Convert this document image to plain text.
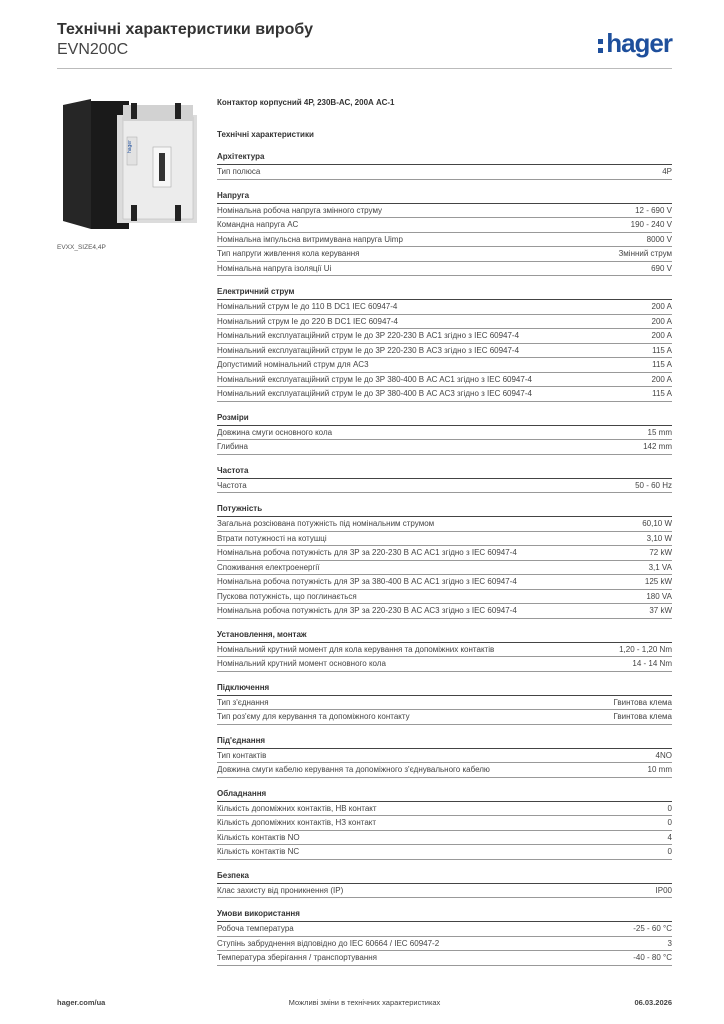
Технічні характеристики виробу

EVN200C	hager
hager
EVXX_SIZE4,4P

Контактор корпусний 4P, 230В-АС, 200А АС-1

Технічні характеристики

Архітектура
Тип полюса	4P
Напруга
Номінальна робоча напруга змінного струму	12 - 690 V
Командна напруга AC	190 - 240 V
Номінальна імпульсна витримувана напруга Uimp	8000 V
Тип напруги живлення кола керування	Змінний струм
Номінальна напруга ізоляції Ui	690 V
Електричний струм
Номінальний струм Ie до 110 В DC1 IEC 60947-4	200 A
Номінальний струм Ie до 220 В DC1 IEC 60947-4	200 A
Номінальний експлуатаційний струм Ie до 3P 220-230 В AC1 згідно з IEC 60947-4	200 A
Номінальний експлуатаційний струм Ie до 3P 220-230 В AC3 згідно з IEC 60947-4	115 A
Допустимий номінальний струм для AC3	115 A
Номінальний експлуатаційний струм Ie до 3P 380-400 В AC AC1 згідно з IEC 60947-4	200 A
Номінальний експлуатаційний струм Ie до 3P 380-400 В AC AC3 згідно з IEC 60947-4	115 A
Розміри
Довжина смуги основного кола	15 mm
Глибина	142 mm
Частота
Частота	50 - 60 Hz
Потужність
Загальна розсіювана потужність під номінальним струмом	60,10 W
Втрати потужності на котушці	3,10 W
Номінальна робоча потужність для 3P за 220-230 В AC AC1 згідно з IEC 60947-4	72 kW
Споживання електроенергії	3,1 VA
Номінальна робоча потужність для 3P за 380-400 В AC AC1 згідно з IEC 60947-4	125 kW
Пускова потужність, що поглинається	180 VA
Номінальна робоча потужність для 3P за 220-230 В AC AC3 згідно з IEC 60947-4	37 kW
Установлення, монтаж
Номінальний крутний момент для кола керування та допоміжних контактів	1,20 - 1,20 Nm
Номінальний крутний момент основного кола	14 - 14 Nm
Підключення
Тип з'єднання	Гвинтова клема
Тип роз'єму для керування та допоміжного контакту	Гвинтова клема
Під'єднання
Тип контактів	4NO
Довжина смуги кабелю керування та допоміжного з'єднувального кабелю	10 mm
Обладнання
Кількість допоміжних контактів, НВ контакт	0
Кількість допоміжних контактів, НЗ контакт	0
Кількість контактів NO	4
Кількість контактів NC	0
Безпека
Клас захисту від проникнення (IP)	IP00
Умови використання
Робоча температура	-25 - 60 °C
Ступінь забруднення відповідно до IEC 60664 / IEC 60947-2	3
Температура зберігання / транспортування	-40 - 80 °C
hager.com/ua	Можливі зміни в технічних характеристиках	06.03.2026
